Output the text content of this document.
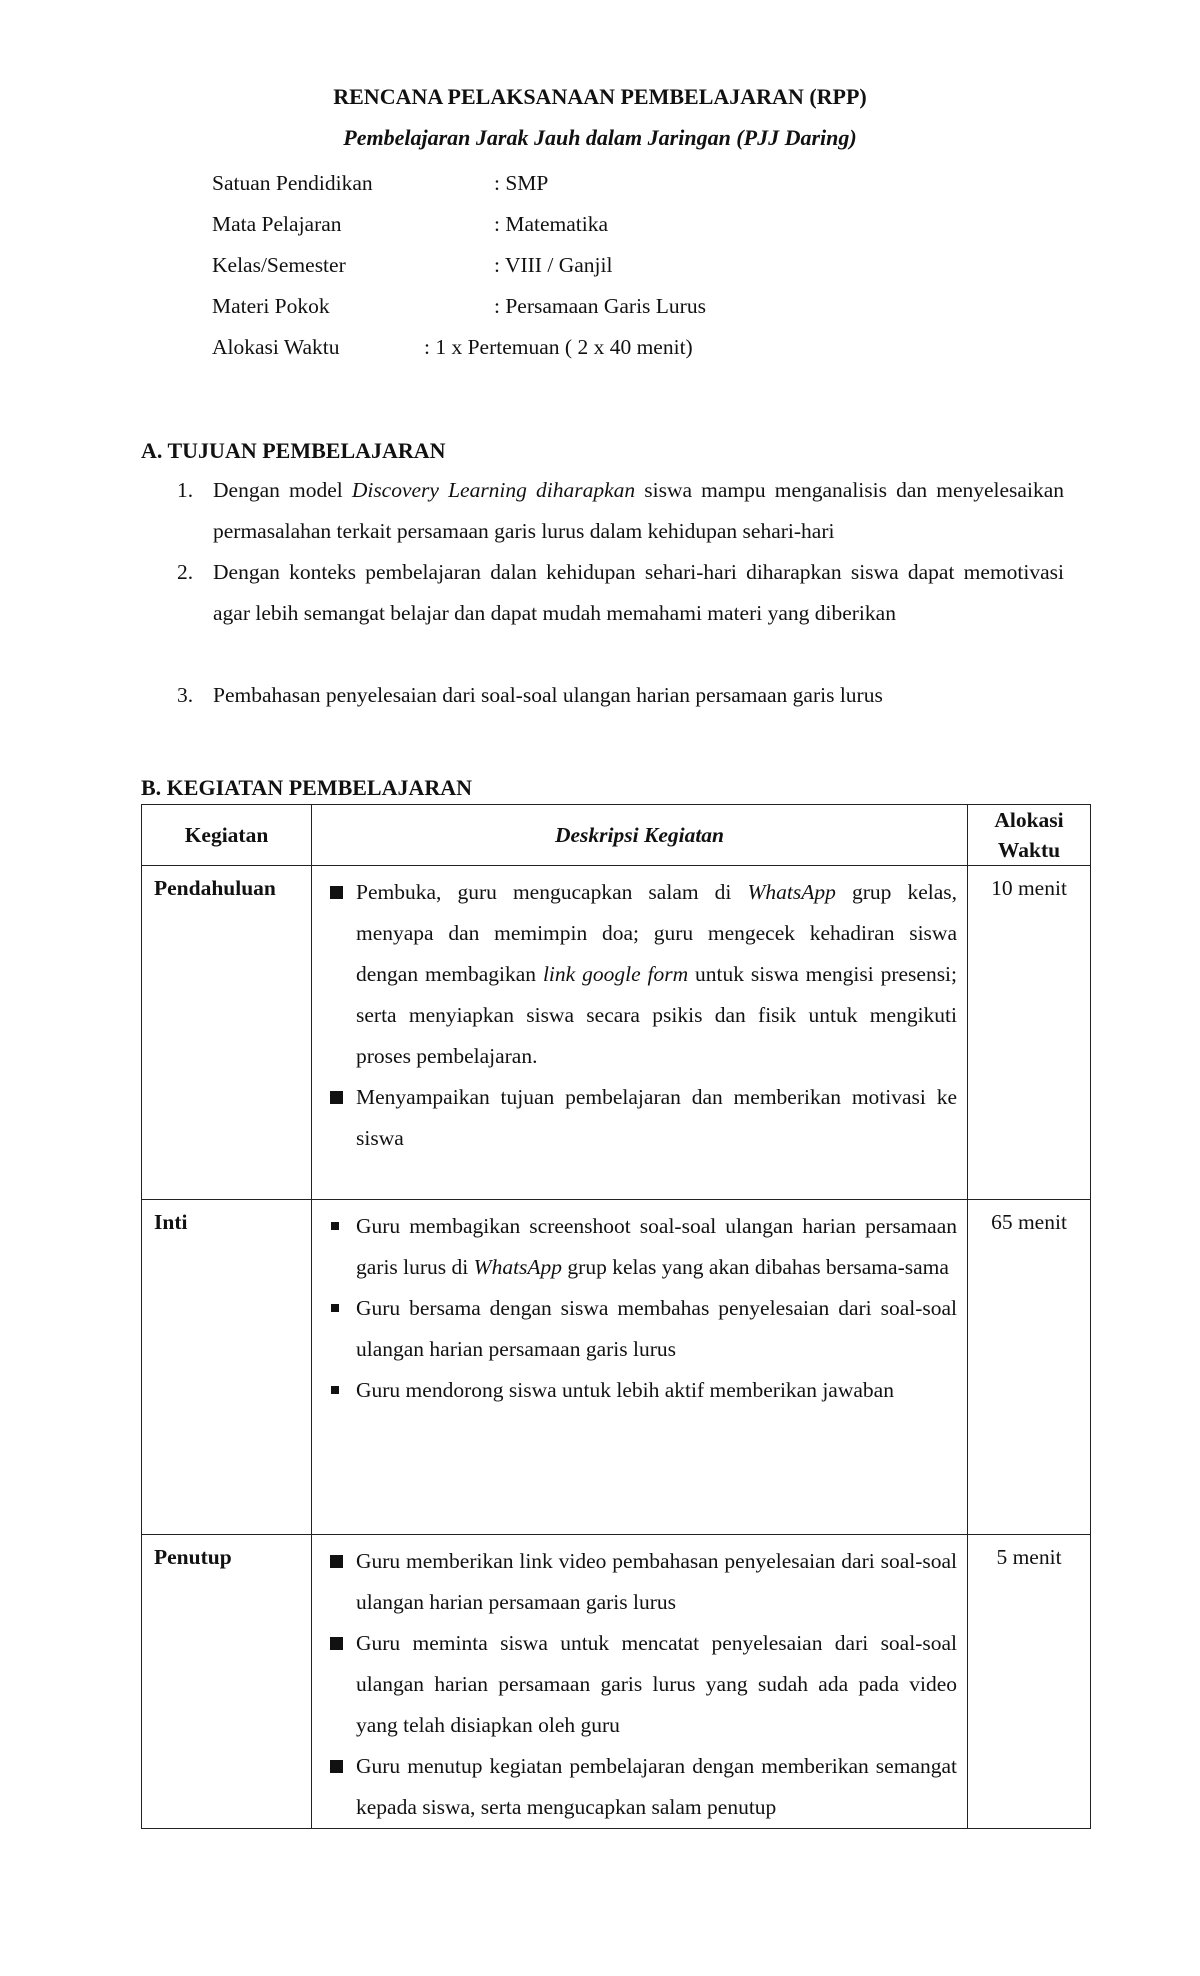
RENCANA PELAKSANAAN PEMBELAJARAN (RPP)
Pembelajaran Jarak Jauh dalam Jaringan (PJJ Daring)
Satuan Pendidikan	: SMP
Mata Pelajaran	: Matematika
Kelas/Semester	: VIII / Ganjil
Materi Pokok	: Persamaan Garis Lurus
Alokasi Waktu	: 1 x Pertemuan ( 2 x 40 menit)
A. TUJUAN PEMBELAJARAN
1. Dengan model Discovery Learning diharapkan siswa mampu menganalisis dan menyelesaikan permasalahan terkait persamaan garis lurus dalam kehidupan sehari-hari
2. Dengan konteks pembelajaran dalan kehidupan sehari-hari diharapkan siswa dapat memotivasi agar lebih semangat belajar dan dapat mudah memahami materi yang diberikan
3. Pembahasan penyelesaian dari soal-soal ulangan harian persamaan garis lurus
B. KEGIATAN PEMBELAJARAN
Kegiatan	Deskripsi Kegiatan	Alokasi Waktu
Pendahuluan	Pembuka, guru mengucapkan salam di WhatsApp grup kelas, menyapa dan memimpin doa; guru mengecek kehadiran siswa dengan membagikan link google form untuk siswa mengisi presensi; serta menyiapkan siswa secara psikis dan fisik untuk mengikuti proses pembelajaran.
Menyampaikan tujuan pembelajaran dan memberikan motivasi ke siswa	10 menit
Inti	Guru membagikan screenshoot soal-soal ulangan harian persamaan garis lurus di WhatsApp grup kelas yang akan dibahas bersama-sama
Guru bersama dengan siswa membahas penyelesaian dari soal-soal ulangan harian persamaan garis lurus
Guru mendorong siswa untuk lebih aktif memberikan jawaban	65 menit
Penutup	Guru memberikan link video pembahasan penyelesaian dari soal-soal ulangan harian persamaan garis lurus
Guru meminta siswa untuk mencatat penyelesaian dari soal-soal ulangan harian persamaan garis lurus yang sudah ada pada video yang telah disiapkan oleh guru
Guru menutup kegiatan pembelajaran dengan memberikan semangat kepada siswa, serta mengucapkan salam penutup	5 menit
